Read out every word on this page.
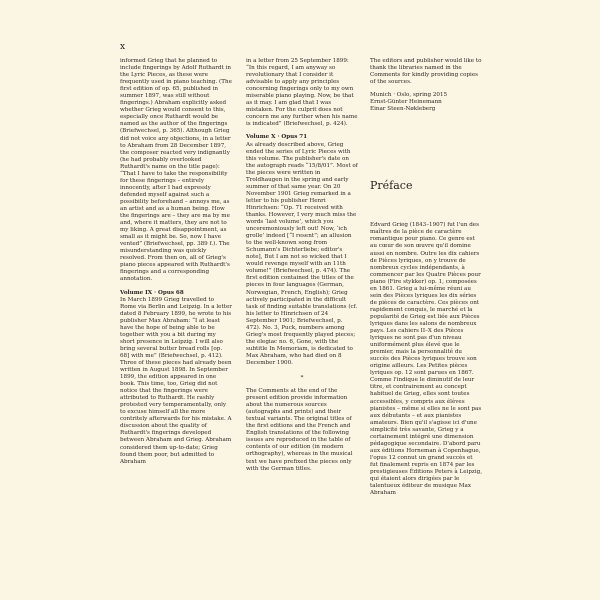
x

informed Grieg that he planned to include fingerings by Adolf Ruthardt in the Lyric Pieces, as these were frequently used in piano teaching. (The first edition of op. 65, published in summer 1897, was still without fingerings.) Abraham explicitly asked whether Grieg would consent to this, especially once Ruthardt would be named as the author of the fingerings (Briefwechsel, p. 365). Although Grieg did not voice any objections, in a letter to Abraham from 28 December 1897, the composer reacted very indignantly (he had probably overlooked Ruthardt's name on the title page): “That I have to take the responsibility for these fingerings – entirely innocently, after I had expressly defended myself against such a possibility beforehand – annoys me, as an artist and as a human being. How the fingerings are – they are ma by me and, where it matters, they are not to my liking. A great disappointment, as small as it might be. So, now I have vented” (Briefwechsel, pp. 389 f.). The misunderstanding was quickly resolved. From then on, all of Grieg's piano pieces appeared with Ruthardt's fingerings and a corresponding annotation.

Volume IX · Opus 68

In March 1899 Grieg travelled to Rome via Berlin and Leipzig. In a letter dated 8 February 1899, he wrote to his publisher Max Abraham: “I at least have the hope of being able to be together with you a bit during my short presence in Leipzig. I will also bring several butter bread rolls [op. 68] with me” (Briefwechsel, p. 412). Three of these pieces had already been written in August 1898. In September 1899, the edition appeared in one book. This time, too, Grieg did not notice that the fingerings were attributed to Ruthardt. He rashly protested very temperamentally, only to excuse himself all the more contritely afterwards for his mistake. A discussion about the quality of Ruthardt's fingerings developed between Abraham and Grieg. Abraham considered them up-to-date; Grieg found them poor, but admitted to Abraham

in a letter from 25 September 1899: “In this regard, I am anyway so revolutionary that I consider it advisable to apply any principles concerning fingerings only to my own miserable piano playing. Now, be that as it may. I am glad that I was mistaken. For the culprit does not concern me any further when his name is indicated” (Briefwechsel, p. 424).

Volume X · Opus 71

As already described above, Grieg ended the series of Lyric Pieces with this volume. The publisher's date on the autograph reads “15/8/01”. Most of the pieces were written in Troldhaugen in the spring and early summer of that same year. On 20 November 1901 Grieg remarked in a letter to his publisher Henri Hinrichsen: “Op. 71 received with thanks. However, I very much miss the words ‘last volume’, which you unceremoniously left out! Now, ‘ich grolle’ indeed [“I resent”; an allusion to the well-known song from Schumann's Dichterliebe; editor's note], But I am not so wicked that I would revenge myself with an 11th volume!” (Briefwechsel, p. 474). The first edition contained the titles of the pieces in four languages (German, Norwegian, French, English); Grieg actively participated in the difficult task of finding suitable translations (cf. his letter to Hinrichsen of 24 September 1901; Briefwechsel, p. 472). No. 3, Puck, numbers among Grieg's most frequently played pieces; the elegiac no. 6, Gone, with the subtitle In Memoriam, is dedicated to Max Abraham, who had died on 8 December 1900.

*

The Comments at the end of the present edition provide information about the numerous sources (autographs and prints) and their textual variants. The original titles of the first editions and the French and English translations of the following issues are reproduced in the table of contents of our edition (in modern orthography), whereas in the musical text we have prefixed the pieces only with the German titles.

The editors and publisher would like to thank the libraries named in the Comments for kindly providing copies of the sources.

Munich · Oslo, spring 2015

Ernst-Günter Heinemann

Einar Steen-Nøkleberg

Préface

Edvard Grieg (1843–1907) fut l'un des maîtres de la pièce de caractère romantique pour piano. Ce genre est au cœur de son œuvre qu'il domine aussi en nombre. Outre les dix cahiers de Pièces lyriques, on y trouve de nombreux cycles indépendants, à commencer par les Quatre Pièces pour piano (Fire stykker) op. 1, composées en 1861. Grieg a lui-même réuni au sein des Pièces lyriques les dix séries de pièces de caractère. Ces pièces ont rapidement conquis, le marché et la popularité de Grieg est liée aux Pièces lyriques dans les salons de nombreux pays. Les cahiers II–X des Pièces lyriques ne sont pas d'un niveau uniformément plus élevé que le premier, mais la personnalité du succès des Pièces lyriques trouve son origine ailleurs. Les Petites pièces lyriques op. 12 sont parues en 1867. Comme l'indique le diminutif de leur titre, et contrairement au concept habituel de Grieg, elles sont toutes accessibles, y compris aux élèves pianistes – même si elles ne le sont pas aux débutants – et aux pianistes amateurs. Bien qu'il s'agisse ici d'une simplicité très savante, Grieg y a certainement intégré une dimension pédagogique secondaire. D'abord paru aux éditions Horneman à Copenhague, l'opus 12 connut un grand succès et fut finalement repris en 1874 par les prestigieuses Éditions Peters à Leipzig, qui étaient alors dirigées par le talentueux éditeur de musique Max Abraham
